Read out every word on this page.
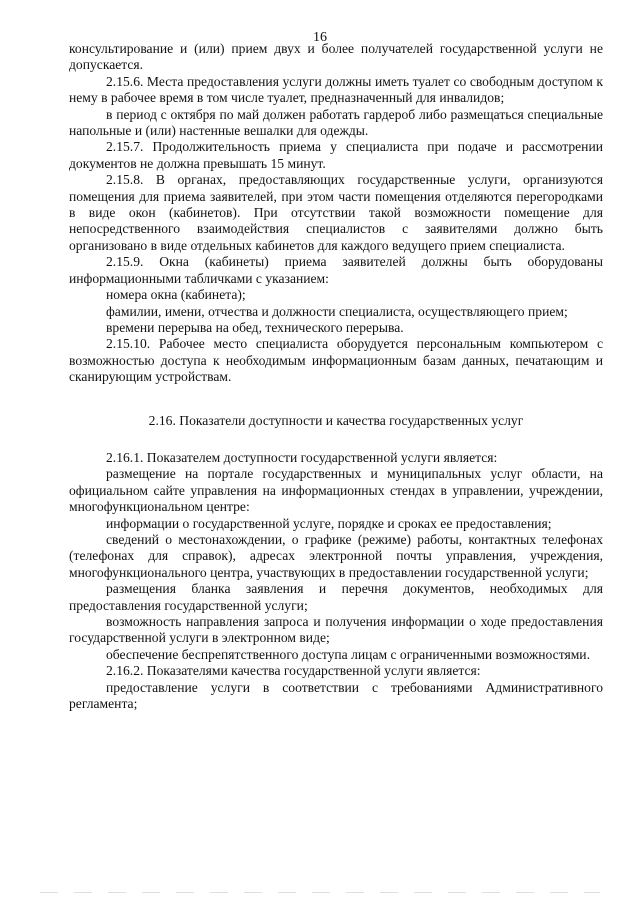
16

консультирование и (или) прием двух и более получателей государственной услуги не допускается.

2.15.6. Места предоставления услуги должны иметь туалет со свободным доступом к нему в рабочее время в том числе туалет, предназначенный для инвалидов;

в период с октября по май должен работать гардероб либо размещаться специальные напольные и (или) настенные вешалки для одежды.

2.15.7. Продолжительность приема у специалиста при подаче и рассмотрении документов не должна превышать 15 минут.

2.15.8. В органах, предоставляющих государственные услуги, организуются помещения для приема заявителей, при этом части помещения отделяются перегородками в виде окон (кабинетов). При отсутствии такой возможности помещение для непосредственного взаимодействия специалистов с заявителями должно быть организовано в виде отдельных кабинетов для каждого ведущего прием специалиста.

2.15.9. Окна (кабинеты) приема заявителей должны быть оборудованы информационными табличками с указанием:

номера окна (кабинета);

фамилии, имени, отчества и должности специалиста, осуществляющего прием;

времени перерыва на обед, технического перерыва.

2.15.10. Рабочее место специалиста оборудуется персональным компьютером с возможностью доступа к необходимым информационным базам данных, печатающим и сканирующим устройствам.

2.16. Показатели доступности и качества государственных услуг

2.16.1. Показателем доступности государственной услуги является:

размещение на портале государственных и муниципальных услуг области, на официальном сайте управления на информационных стендах в управлении, учреждении, многофункциональном центре:

информации о государственной услуге, порядке и сроках ее предоставления;

сведений о местонахождении, о графике (режиме) работы, контактных телефонах (телефонах для справок), адресах электронной почты управления, учреждения, многофункционального центра, участвующих в предоставлении государственной услуги;

размещения бланка заявления и перечня документов, необходимых для предоставления государственной услуги;

возможность направления запроса и получения информации о ходе предоставления государственной услуги в электронном виде;

обеспечение беспрепятственного доступа лицам с ограниченными возможностями.

2.16.2. Показателями качества государственной услуги является:

предоставление услуги в соответствии с требованиями Административного регламента;
